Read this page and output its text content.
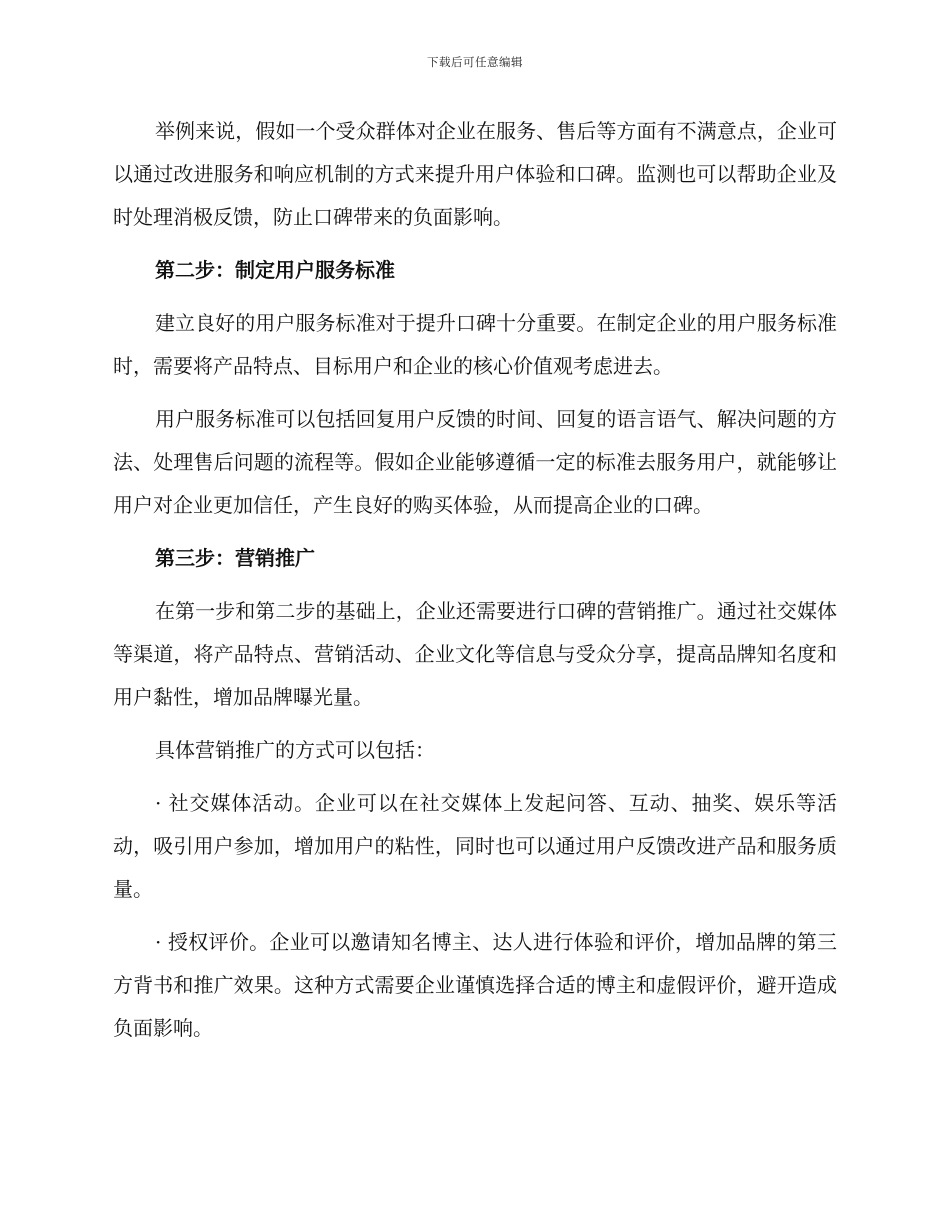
下载后可任意编辑

举例来说，假如一个受众群体对企业在服务、售后等方面有不满意点，企业可以通过改进服务和响应机制的方式来提升用户体验和口碑。监测也可以帮助企业及时处理消极反馈，防止口碑带来的负面影响。

第二步：制定用户服务标准

建立良好的用户服务标准对于提升口碑十分重要。在制定企业的用户服务标准时，需要将产品特点、目标用户和企业的核心价值观考虑进去。

用户服务标准可以包括回复用户反馈的时间、回复的语言语气、解决问题的方法、处理售后问题的流程等。假如企业能够遵循一定的标准去服务用户，就能够让用户对企业更加信任，产生良好的购买体验，从而提高企业的口碑。

第三步：营销推广

在第一步和第二步的基础上，企业还需要进行口碑的营销推广。通过社交媒体等渠道，将产品特点、营销活动、企业文化等信息与受众分享，提高品牌知名度和用户黏性，增加品牌曝光量。

具体营销推广的方式可以包括：

· 社交媒体活动。企业可以在社交媒体上发起问答、互动、抽奖、娱乐等活动，吸引用户参加，增加用户的粘性，同时也可以通过用户反馈改进产品和服务质量。

· 授权评价。企业可以邀请知名博主、达人进行体验和评价，增加品牌的第三方背书和推广效果。这种方式需要企业谨慎选择合适的博主和虚假评价，避开造成负面影响。
